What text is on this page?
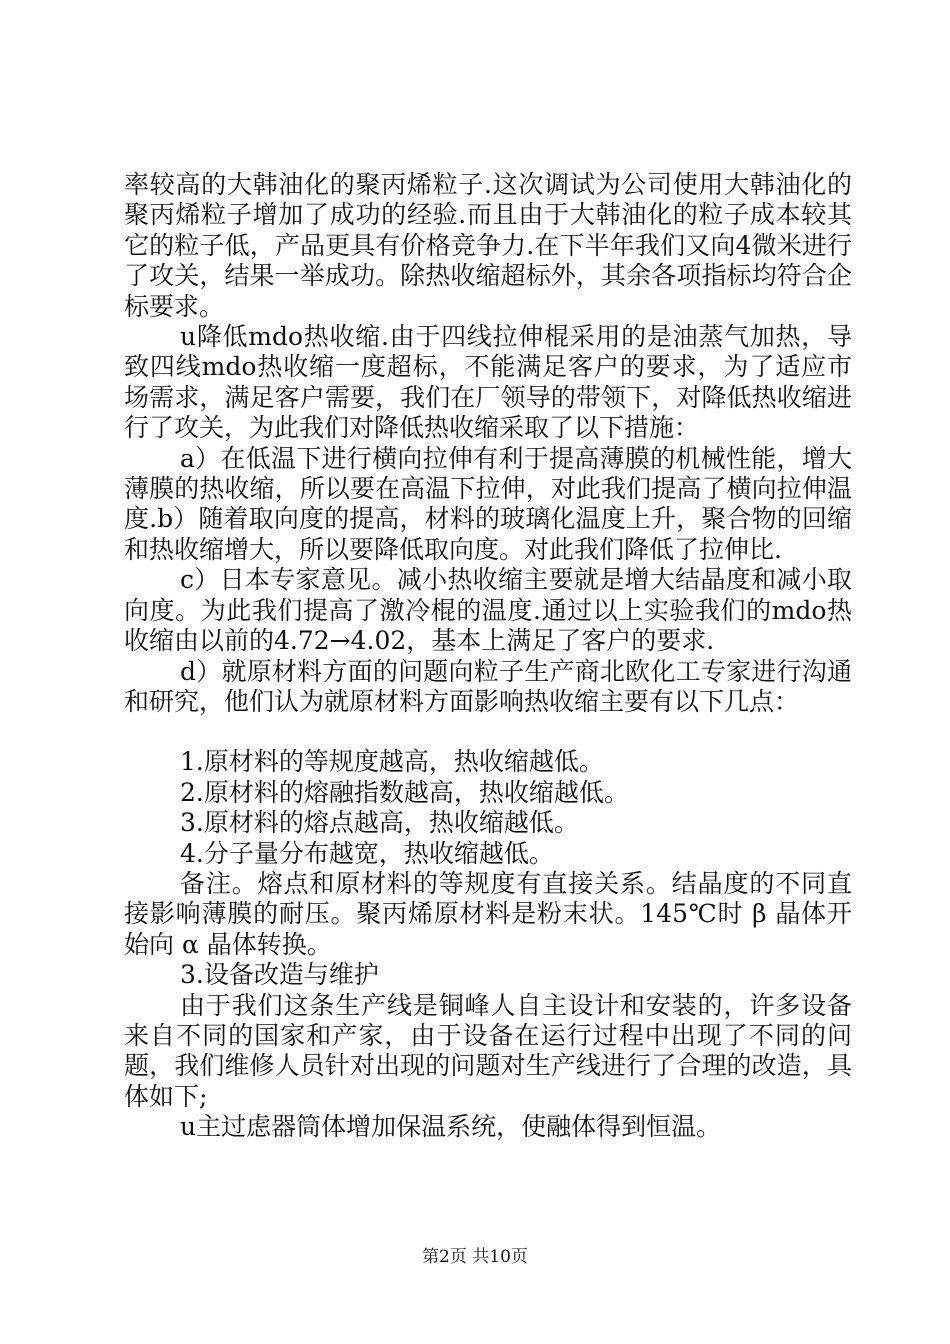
率较高的大韩油化的聚丙烯粒子.这次调试为公司使用大韩油化的聚丙烯粒子增加了成功的经验.而且由于大韩油化的粒子成本较其它的粒子低，产品更具有价格竞争力.在下半年我们又向4微米进行了攻关，结果一举成功。除热收缩超标外，其余各项指标均符合企标要求。

u降低mdo热收缩.由于四线拉伸棍采用的是油蒸气加热，导致四线mdo热收缩一度超标，不能满足客户的要求，为了适应市场需求，满足客户需要，我们在厂领导的带领下，对降低热收缩进行了攻关，为此我们对降低热收缩采取了以下措施：

a）在低温下进行横向拉伸有利于提高薄膜的机械性能，增大薄膜的热收缩，所以要在高温下拉伸，对此我们提高了横向拉伸温度.b）随着取向度的提高，材料的玻璃化温度上升，聚合物的回缩和热收缩增大，所以要降低取向度。对此我们降低了拉伸比.

c）日本专家意见。减小热收缩主要就是增大结晶度和减小取向度。为此我们提高了激冷棍的温度.通过以上实验我们的mdo热收缩由以前的4.72→4.02，基本上满足了客户的要求.

d）就原材料方面的问题向粒子生产商北欧化工专家进行沟通和研究，他们认为就原材料方面影响热收缩主要有以下几点：

1.原材料的等规度越高，热收缩越低。

2.原材料的熔融指数越高，热收缩越低。

3.原材料的熔点越高，热收缩越低。

4.分子量分布越宽，热收缩越低。

备注。熔点和原材料的等规度有直接关系。结晶度的不同直接影响薄膜的耐压。聚丙烯原材料是粉末状。145℃时 β 晶体开始向 α 晶体转换。

3.设备改造与维护

由于我们这条生产线是铜峰人自主设计和安装的，许多设备来自不同的国家和产家，由于设备在运行过程中出现了不同的问题，我们维修人员针对出现的问题对生产线进行了合理的改造，具体如下;

u主过虑器筒体增加保温系统，使融体得到恒温。

第2页 共10页
